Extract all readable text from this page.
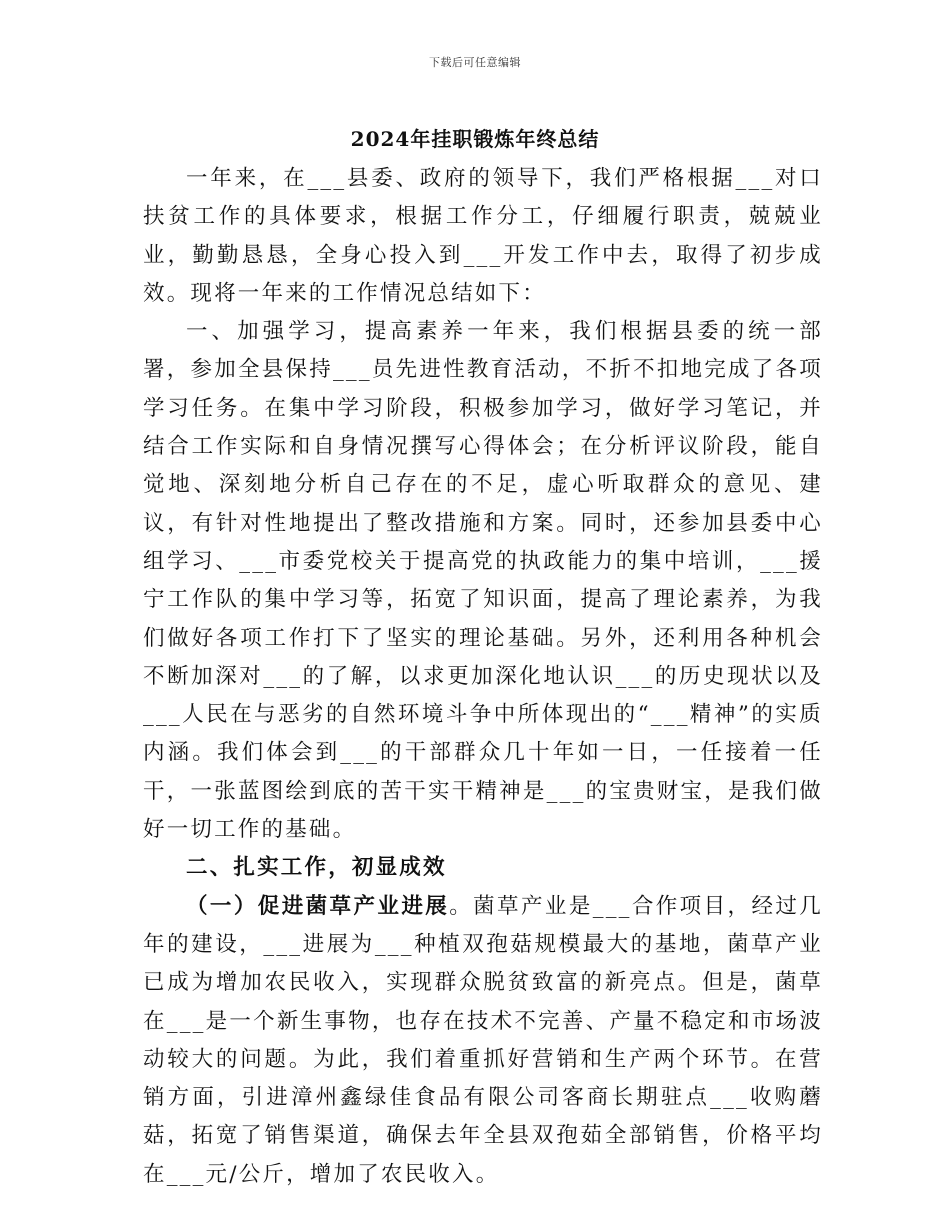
下载后可任意编辑
2024年挂职锻炼年终总结

一年来，在___县委、政府的领导下，我们严格根据___对口扶贫工作的具体要求，根据工作分工，仔细履行职责，兢兢业业，勤勤恳恳，全身心投入到___开发工作中去，取得了初步成效。现将一年来的工作情况总结如下：

一、加强学习，提高素养一年来，我们根据县委的统一部署，参加全县保持___员先进性教育活动，不折不扣地完成了各项学习任务。在集中学习阶段，积极参加学习，做好学习笔记，并结合工作实际和自身情况撰写心得体会；在分析评议阶段，能自觉地、深刻地分析自己存在的不足，虚心听取群众的意见、建议，有针对性地提出了整改措施和方案。同时，还参加县委中心组学习、___市委党校关于提高党的执政能力的集中培训，___援宁工作队的集中学习等，拓宽了知识面，提高了理论素养，为我们做好各项工作打下了坚实的理论基础。另外，还利用各种机会不断加深对___的了解，以求更加深化地认识___的历史现状以及___人民在与恶劣的自然环境斗争中所体现出的“___精神”的实质内涵。我们体会到___的干部群众几十年如一日，一任接着一任干，一张蓝图绘到底的苦干实干精神是___的宝贵财宝，是我们做好一切工作的基础。

二、扎实工作，初显成效

（一）促进菌草产业进展。菌草产业是___合作项目，经过几年的建设，___进展为___种植双孢菇规模最大的基地，菌草产业已成为增加农民收入，实现群众脱贫致富的新亮点。但是，菌草在___是一个新生事物，也存在技术不完善、产量不稳定和市场波动较大的问题。为此，我们着重抓好营销和生产两个环节。在营销方面，引进漳州鑫绿佳食品有限公司客商长期驻点___收购蘑菇，拓宽了销售渠道，确保去年全县双孢茹全部销售，价格平均在___元/公斤，增加了农民收入。
